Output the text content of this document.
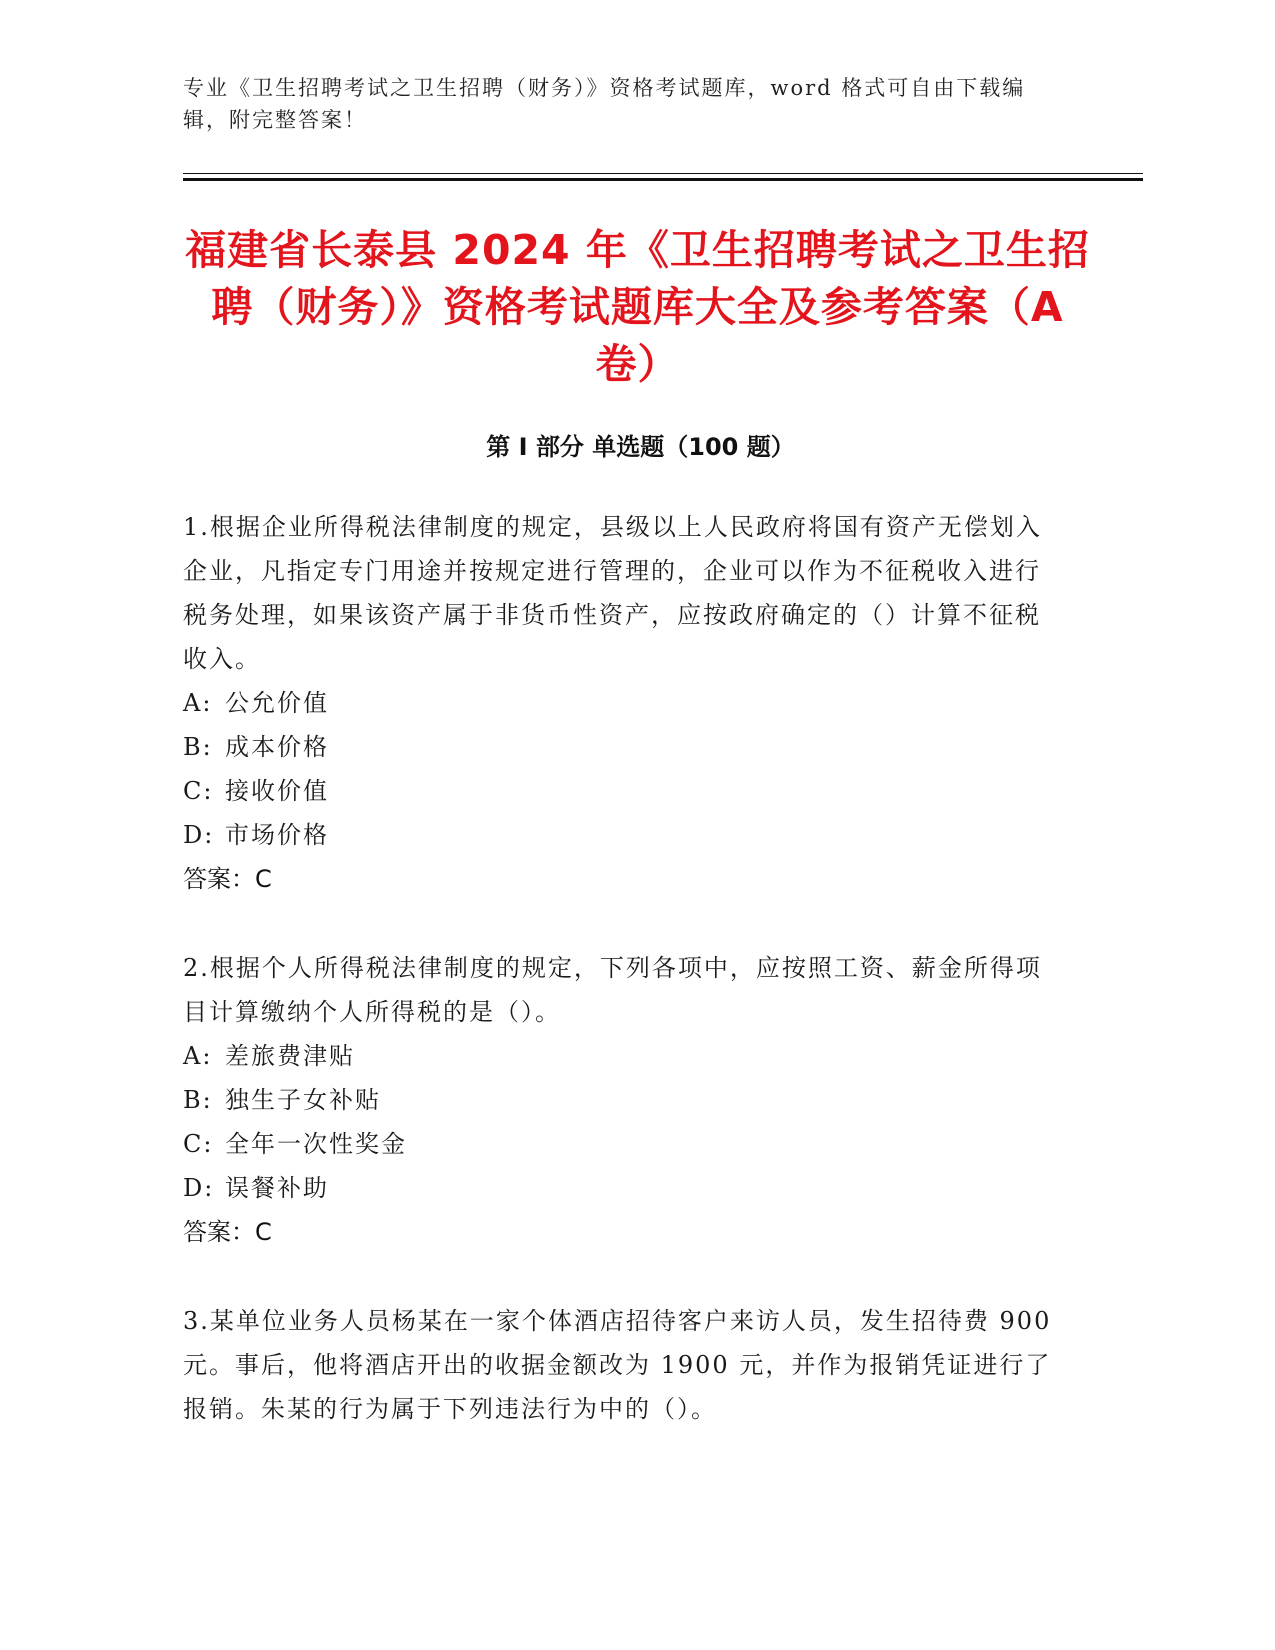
专业《卫生招聘考试之卫生招聘（财务）》资格考试题库，word 格式可自由下载编辑，附完整答案！
福建省长泰县 2024 年《卫生招聘考试之卫生招聘（财务）》资格考试题库大全及参考答案（A 卷）
第 I 部分 单选题（100 题）
1.根据企业所得税法律制度的规定，县级以上人民政府将国有资产无偿划入企业，凡指定专门用途并按规定进行管理的，企业可以作为不征税收入进行税务处理，如果该资产属于非货币性资产，应按政府确定的（）计算不征税收入。
A: 公允价值
B: 成本价格
C: 接收价值
D: 市场价格
答案：C
2.根据个人所得税法律制度的规定，下列各项中，应按照工资、薪金所得项目计算缴纳个人所得税的是（）。
A: 差旅费津贴
B: 独生子女补贴
C: 全年一次性奖金
D: 误餐补助
答案：C
3.某单位业务人员杨某在一家个体酒店招待客户来访人员，发生招待费 900 元。事后，他将酒店开出的收据金额改为 1900 元，并作为报销凭证进行了报销。朱某的行为属于下列违法行为中的（）。
